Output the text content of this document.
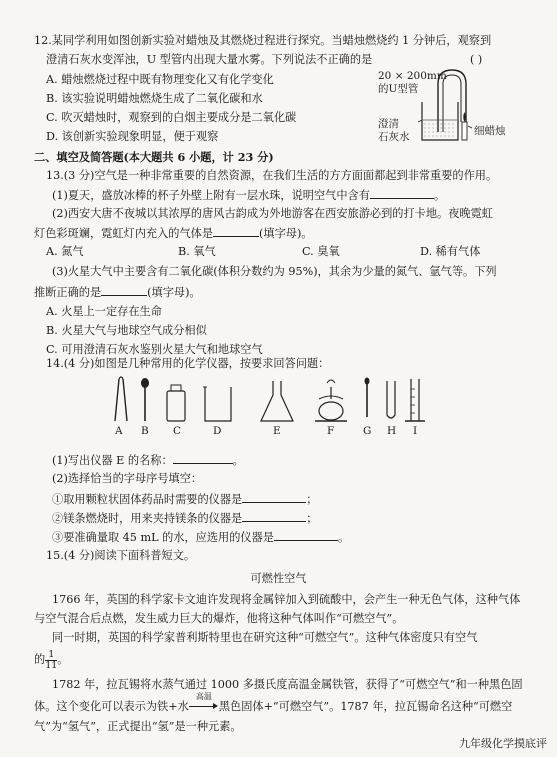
12.某同学利用如图创新实验对蜡烛及其燃烧过程进行探究。当蜡烛燃烧约 1 分钟后，观察到
澄清石灰水变浑浊，U 型管内出现大量水雾。下列说法不正确的是	( )
A. 蜡烛燃烧过程中既有物理变化又有化学变化
B. 该实验说明蜡烛燃烧生成了二氧化碳和水
C. 吹灭蜡烛时，观察到的白烟主要成分是二氧化碳
D. 该创新实验现象明显，便于观察
20 × 200mm
的U型管
澄清
石灰水	细蜡烛
二、填空及简答题(本大题共 6 小题，计 23 分)
13.(3 分)空气是一种非常重要的自然资源，在我们生活的方方面面都起到非常重要的作用。
(1)夏天，盛放冰棒的杯子外壁上附有一层水珠，说明空气中含有	。
(2)西安大唐不夜城以其浓厚的唐风古韵成为外地游客在西安旅游必到的打卡地。夜晚霓虹
灯色彩斑斓，霓虹灯内充入的气体是	(填字母)。
A. 氮气	B. 氧气	C. 臭氧	D. 稀有气体
(3)火星大气中主要含有二氧化碳(体积分数约为 95%)，其余为少量的氮气、氩气等。下列
推断正确的是	(填字母)。
A. 火星上一定存在生命
B. 火星大气与地球空气成分相似
C. 可用澄清石灰水鉴别火星大气和地球空气
14.(4 分)如图是几种常用的化学仪器，按要求回答问题：
A B C	D	E	F	G H I
(1)写出仪器 E 的名称：	。
(2)选择恰当的字母序号填空：
①取用颗粒状固体药品时需要的仪器是	；
②镁条燃烧时，用来夹持镁条的仪器是	；
③要准确量取 45 mL 的水，应选用的仪器是	。
15.(4 分)阅读下面科普短文。
可燃性空气
1766 年，英国的科学家卡文迪许发现将金属锌加入到硫酸中，会产生一种无色气体，这种气体
与空气混合后点燃，发生威力巨大的爆炸，他将这种气体叫作“可燃空气”。
同一时期，英国的科学家普利斯特里也在研究这种“可燃空气”。这种气体密度只有空气
的 $\frac{1}{11}$ 。
1782 年，拉瓦锡将水蒸气通过 1000 多摄氏度高温金属铁管，获得了“可燃空气”和一种黑色固
体。这个变化可以表示为铁+水
高温
黑色固体+“可燃空气”。1787 年，拉瓦锡命名这种“可燃空
气”为“氢气”，正式提出“氢”是一种元素。
九年级化学摸底评
